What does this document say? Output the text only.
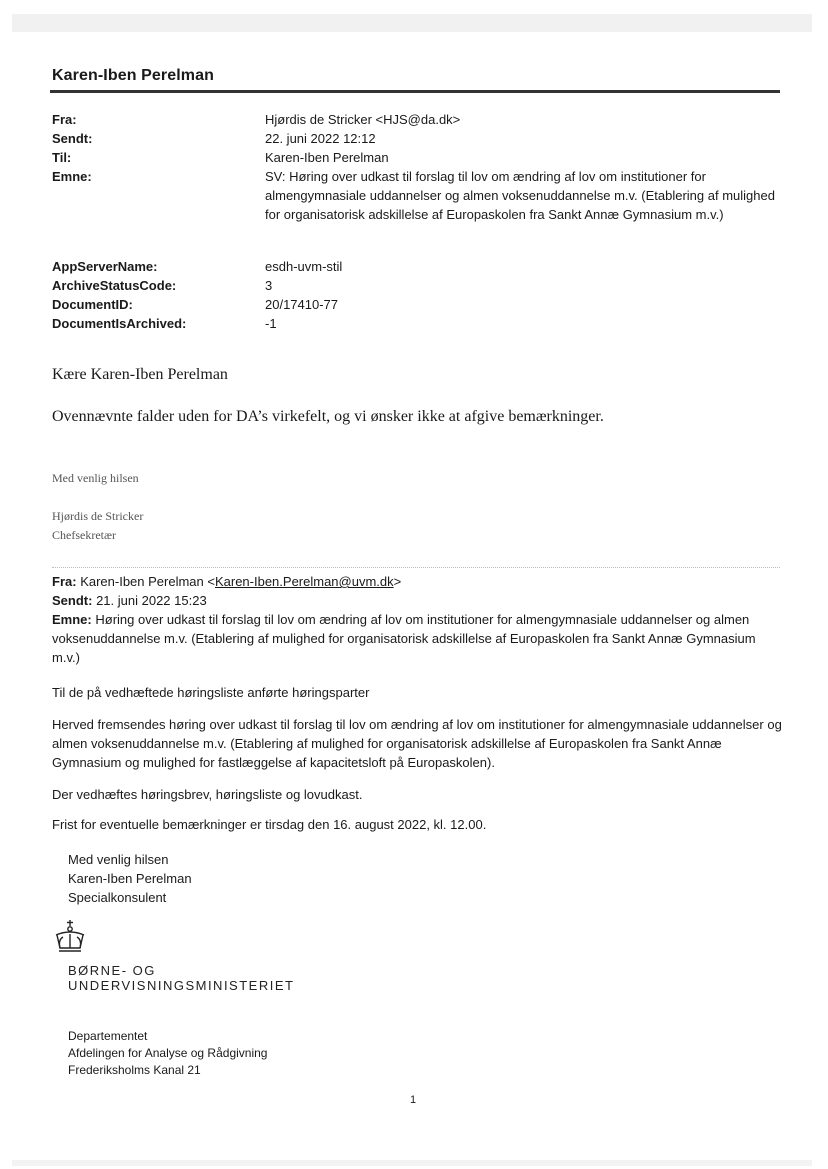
Karen-Iben Perelman
Fra:	Hjørdis de Stricker <HJS@da.dk>
Sendt:	22. juni 2022 12:12
Til:	Karen-Iben Perelman
Emne:	SV: Høring over udkast til forslag til lov om ændring af lov om institutioner for almengymnasiale uddannelser og almen voksenuddannelse m.v. (Etablering af mulighed for organisatorisk adskillelse af Europaskolen fra Sankt Annæ Gymnasium m.v.)
AppServerName:	esdh-uvm-stil
ArchiveStatusCode:	3
DocumentID:	20/17410-77
DocumentIsArchived:	-1
Kære Karen-Iben Perelman
Ovennævnte falder uden for DA’s virkefelt, og vi ønsker ikke at afgive bemærkninger.
Med venlig hilsen
Hjørdis de Stricker
Chefsekretær
Fra: Karen-Iben Perelman <Karen-Iben.Perelman@uvm.dk>
Sendt: 21. juni 2022 15:23
Emne: Høring over udkast til forslag til lov om ændring af lov om institutioner for almengymnasiale uddannelser og almen voksenuddannelse m.v. (Etablering af mulighed for organisatorisk adskillelse af Europaskolen fra Sankt Annæ Gymnasium m.v.)
Til de på vedhæftede høringsliste anførte høringsparter
Herved fremsendes høring over udkast til forslag til lov om ændring af lov om institutioner for almengymnasiale uddannelser og almen voksenuddannelse m.v. (Etablering af mulighed for organisatorisk adskillelse af Europaskolen fra Sankt Annæ Gymnasium og mulighed for fastlæggelse af kapacitetsloft på Europaskolen).
Der vedhæftes høringsbrev, høringsliste og lovudkast.
Frist for eventuelle bemærkninger er tirsdag den 16. august 2022, kl. 12.00.
Med venlig hilsen
Karen-Iben Perelman
Specialkonsulent
BØRNE- OG
UNDERVISNINGSMINISTERIET
Departementet
Afdelingen for Analyse og Rådgivning
Frederiksholms Kanal 21
1
